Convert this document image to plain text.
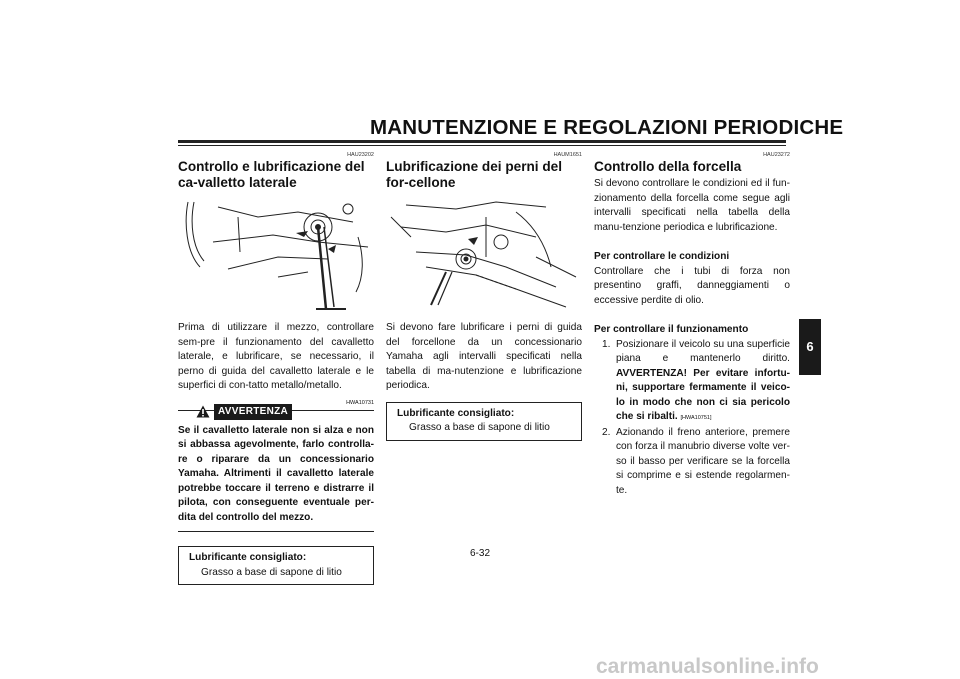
MANUTENZIONE E REGOLAZIONI PERIODICHE
6
HAU23202
Controllo e lubrificazione del ca-valletto laterale

Prima di utilizzare il mezzo, controllare sem-pre il funzionamento del cavalletto laterale, e lubrificare, se necessario, il perno di guida del cavalletto laterale e le superfici di con-tatto metallo/metallo.

HWA10731
AVVERTENZA

Se il cavalletto laterale non si alza e non si abbassa agevolmente, farlo controlla-re o riparare da un concessionario Yamaha. Altrimenti il cavalletto laterale potrebbe toccare il terreno e distrarre il pilota, con conseguente eventuale per-dita del controllo del mezzo.

Lubrificante consigliato:
Grasso a base di sapone di litio
HAUM1651
Lubrificazione dei perni del for-cellone

Si devono fare lubrificare i perni di guida del forcellone da un concessionario Yamaha agli intervalli specificati nella tabella di ma-nutenzione e lubrificazione periodica.

Lubrificante consigliato:
Grasso a base di sapone di litio
HAU23272
Controllo della forcella

Si devono controllare le condizioni ed il fun-zionamento della forcella come segue agli intervalli specificati nella tabella della manu-tenzione periodica e lubrificazione.

Per controllare le condizioni

Controllare che i tubi di forza non presentino graffi, danneggiamenti o eccessive perdite di olio.

Per controllare il funzionamento

1. Posizionare il veicolo su una superficie piana e mantenerlo diritto. AVVERTENZA! Per evitare infortu-ni, supportare fermamente il veico-lo in modo che non ci sia pericolo che si ribalti. [HWA10751]
2. Azionando il freno anteriore, premere con forza il manubrio diverse volte ver-so il basso per verificare se la forcella si comprime e si estende regolarmen-te.
6-32
carmanualsonline.info
